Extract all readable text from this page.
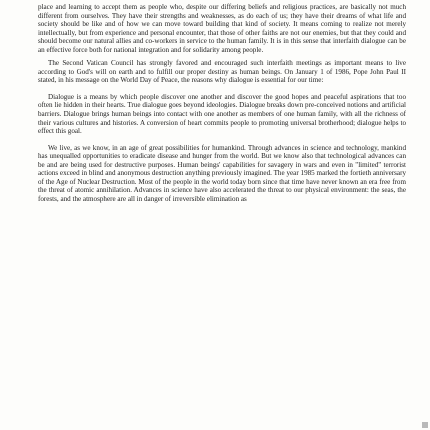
place and learning to accept them as people who, despite our differing beliefs and religious practices, are basically not much different from ourselves. They have their strengths and weaknesses, as do each of us; they have their dreams of what life and society should be like and of how we can move toward building that kind of society. It means coming to realize not merely intellectually, but from experience and personal encounter, that those of other faiths are not our enemies, but that they could and should become our natural allies and co-workers in service to the human family. It is in this sense that interfaith dialogue can be an effective force both for national integration and for solidarity among people.

The Second Vatican Council has strongly favored and encouraged such interfaith meetings as important means to live according to God's will on earth and to fulfill our proper destiny as human beings. On January 1 of 1986, Pope John Paul II stated, in his message on the World Day of Peace, the reasons why dialogue is essential for our time:

Dialogue is a means by which people discover one another and discover the good hopes and peaceful aspirations that too often lie hidden in their hearts. True dialogue goes beyond ideologies. Dialogue breaks down pre-conceived notions and artificial barriers. Dialogue brings human beings into contact with one another as members of one human family, with all the richness of their various cultures and histories. A conversion of heart commits people to promoting universal brotherhood; dialogue helps to effect this goal.

We live, as we know, in an age of great possibilities for humankind. Through advances in science and technology, mankind has unequalled opportunities to eradicate disease and hunger from the world. But we know also that technological advances can be and are being used for destructive purposes. Human beings' capabilities for savagery in wars and even in "limited" terrorist actions exceed in blind and anonymous destruction anything previously imagined. The year 1985 marked the fortieth anniversary of the Age of Nuclear Destruction. Most of the people in the world today born since that time have never known an era free from the threat of atomic annihilation. Advances in science have also accelerated the threat to our physical environment: the seas, the forests, and the atmosphere are all in danger of irreversible elimination as
